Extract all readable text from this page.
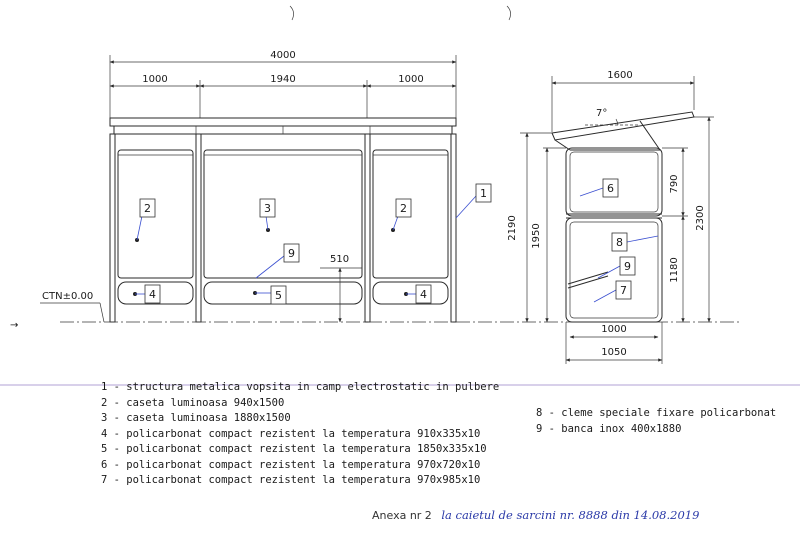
4000
1000	1940	1000
510
CTN±0.00
→
1
2	3	2
9
4	5	4
1600
7°
2190 1950
790
1180
2300
1000
1050
6
8
9
7
1 - structura metalica vopsita in camp electrostatic in pulbere
2 - caseta luminoasa 940x1500
3 - caseta luminoasa 1880x1500
4 - policarbonat compact rezistent la temperatura 910x335x10
5 - policarbonat compact rezistent la temperatura 1850x335x10
6 - policarbonat compact rezistent la temperatura 970x720x10
7 - policarbonat compact rezistent la temperatura 970x985x10
8 - cleme speciale fixare policarbonat
9 - banca inox 400x1880
Anexa nr 2 la caietul de sarcini nr. 8888 din 14.08.2019
